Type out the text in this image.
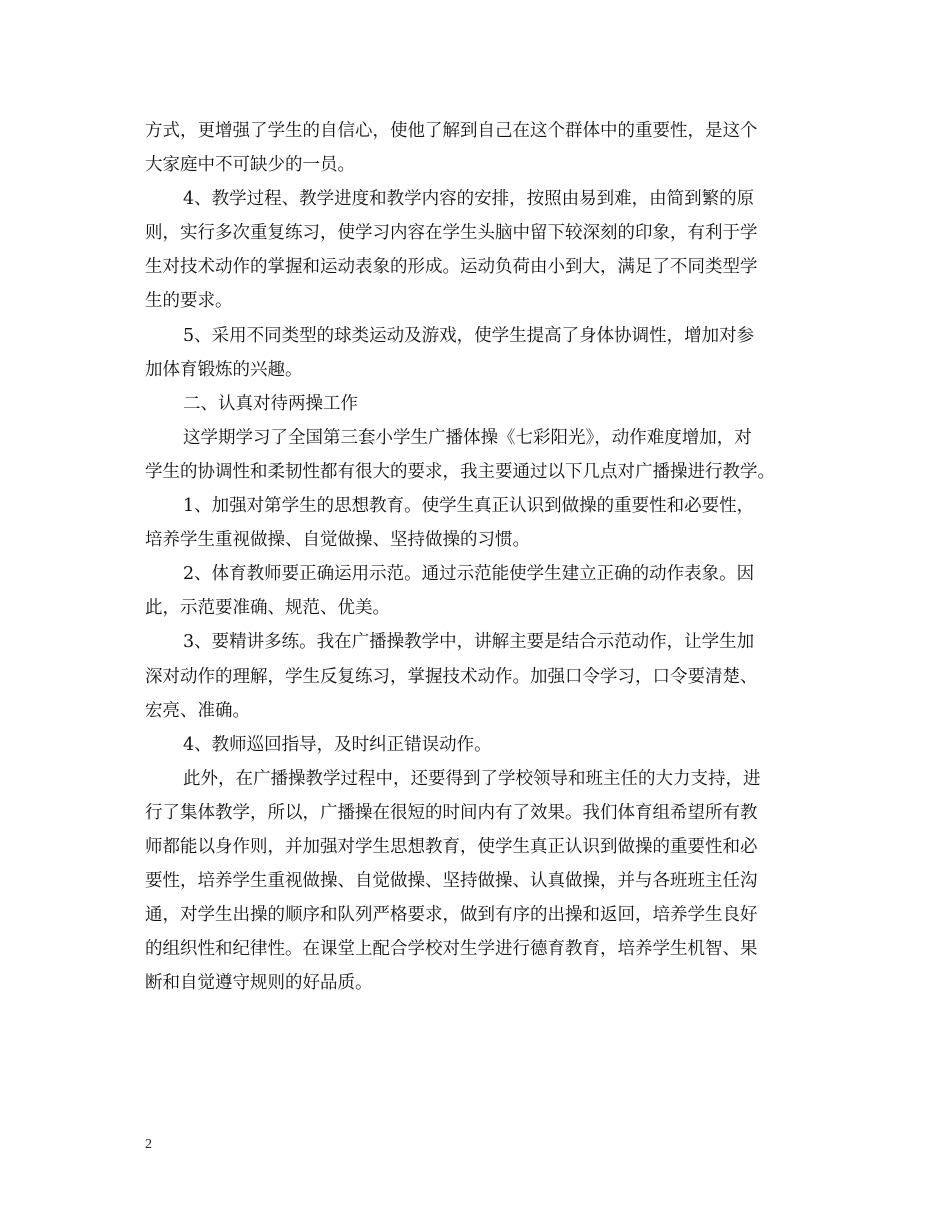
方式，更增强了学生的自信心，使他了解到自己在这个群体中的重要性，是这个
大家庭中不可缺少的一员。
4、教学过程、教学进度和教学内容的安排，按照由易到难，由简到繁的原
则，实行多次重复练习，使学习内容在学生头脑中留下较深刻的印象，有利于学
生对技术动作的掌握和运动表象的形成。运动负荷由小到大，满足了不同类型学
生的要求。
5、采用不同类型的球类运动及游戏，使学生提高了身体协调性，增加对参
加体育锻炼的兴趣。
二、认真对待两操工作
这学期学习了全国第三套小学生广播体操《七彩阳光》，动作难度增加，对
学生的协调性和柔韧性都有很大的要求，我主要通过以下几点对广播操进行教学。
1、加强对第学生的思想教育。使学生真正认识到做操的重要性和必要性，
培养学生重视做操、自觉做操、坚持做操的习惯。
2、体育教师要正确运用示范。通过示范能使学生建立正确的动作表象。因
此，示范要准确、规范、优美。
3、要精讲多练。我在广播操教学中，讲解主要是结合示范动作，让学生加
深对动作的理解，学生反复练习，掌握技术动作。加强口令学习，口令要清楚、
宏亮、准确。
4、教师巡回指导，及时纠正错误动作。
此外，在广播操教学过程中，还要得到了学校领导和班主任的大力支持，进
行了集体教学，所以，广播操在很短的时间内有了效果。我们体育组希望所有教
师都能以身作则，并加强对学生思想教育，使学生真正认识到做操的重要性和必
要性，培养学生重视做操、自觉做操、坚持做操、认真做操，并与各班班主任沟
通，对学生出操的顺序和队列严格要求，做到有序的出操和返回，培养学生良好
的组织性和纪律性。在课堂上配合学校对生学进行德育教育，培养学生机智、果
断和自觉遵守规则的好品质。
2
